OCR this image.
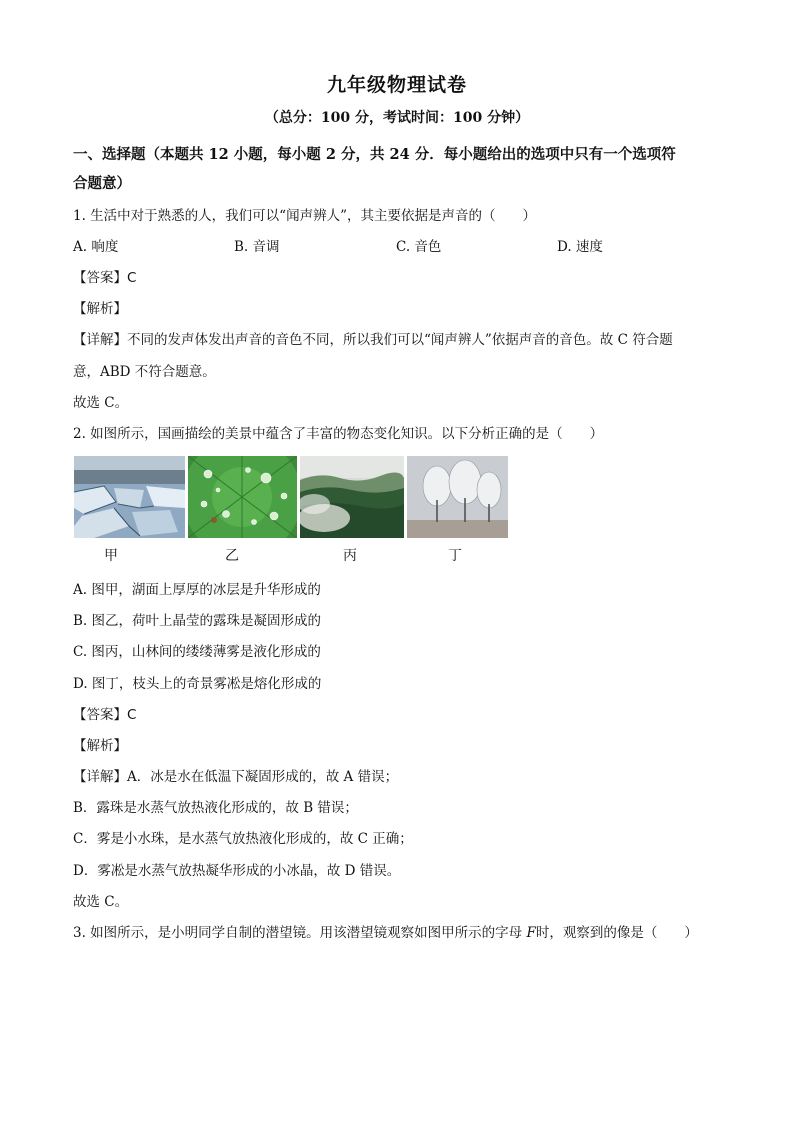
九年级物理试卷
（总分：100 分，考试时间：100 分钟）
一、选择题（本题共 12 小题，每小题 2 分，共 24 分．每小题给出的选项中只有一个选项符
合题意）
1. 生活中对于熟悉的人，我们可以“闻声辨人”，其主要依据是声音的（　　）
A. 响度	B. 音调	C. 音色	D. 速度
【答案】C
【解析】
【详解】不同的发声体发出声音的音色不同，所以我们可以“闻声辨人”依据声音的音色。故 C 符合题
意，ABD 不符合题意。
故选 C。
2. 如图所示，国画描绘的美景中蕴含了丰富的物态变化知识。以下分析正确的是（　　）
甲	乙	丙	丁
A. 图甲，湖面上厚厚的冰层是升华形成的
B. 图乙，荷叶上晶莹的露珠是凝固形成的
C. 图丙，山林间的缕缕薄雾是液化形成的
D. 图丁，枝头上的奇景雾凇是熔化形成的
【答案】C
【解析】
【详解】A．冰是水在低温下凝固形成的，故 A 错误；
B．露珠是水蒸气放热液化形成的，故 B 错误；
C．雾是小水珠，是水蒸气放热液化形成的，故 C 正确；
D．雾凇是水蒸气放热凝华形成的小冰晶，故 D 错误。
故选 C。
3. 如图所示，是小明同学自制的潜望镜。用该潜望镜观察如图甲所示的字母 F时，观察到的像是（　　）
